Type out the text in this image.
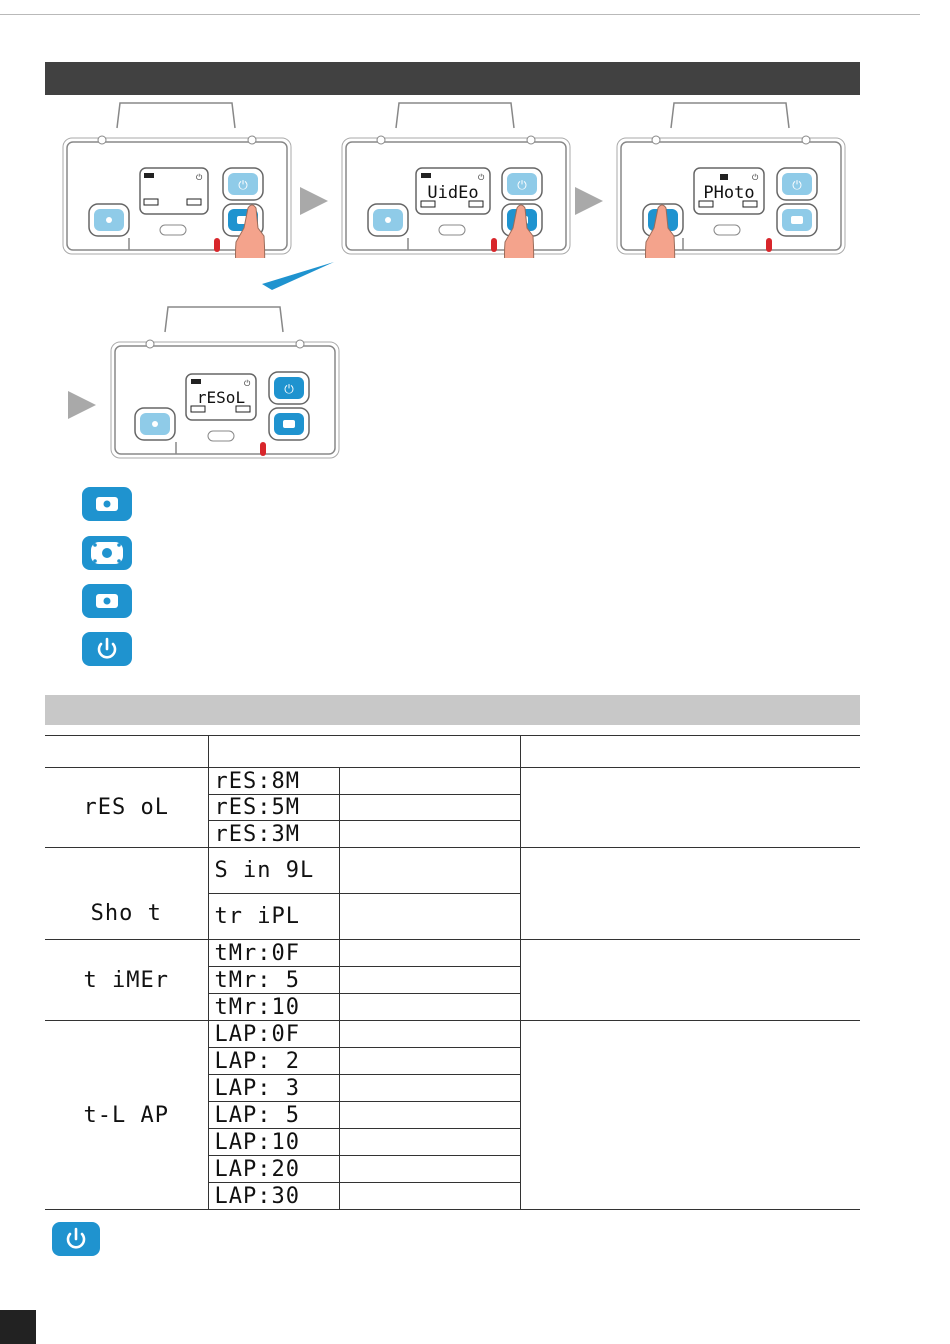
⏻
⏻
⏻
UidEo	⏻
⏻
PHoto	⏻
⏻
rESoL	⏻

rES oL	rES:8M		
	rES:5M		
	rES:3M		
Sho t	S in 9L		
	tr iPL		
t iMEr	tMr:0F		
	tMr: 5		
	tMr:10		
t-L AP	LAP:0F		
	LAP: 2		
	LAP: 3		
	LAP: 5		
	LAP:10		
	LAP:20		
	LAP:30		
